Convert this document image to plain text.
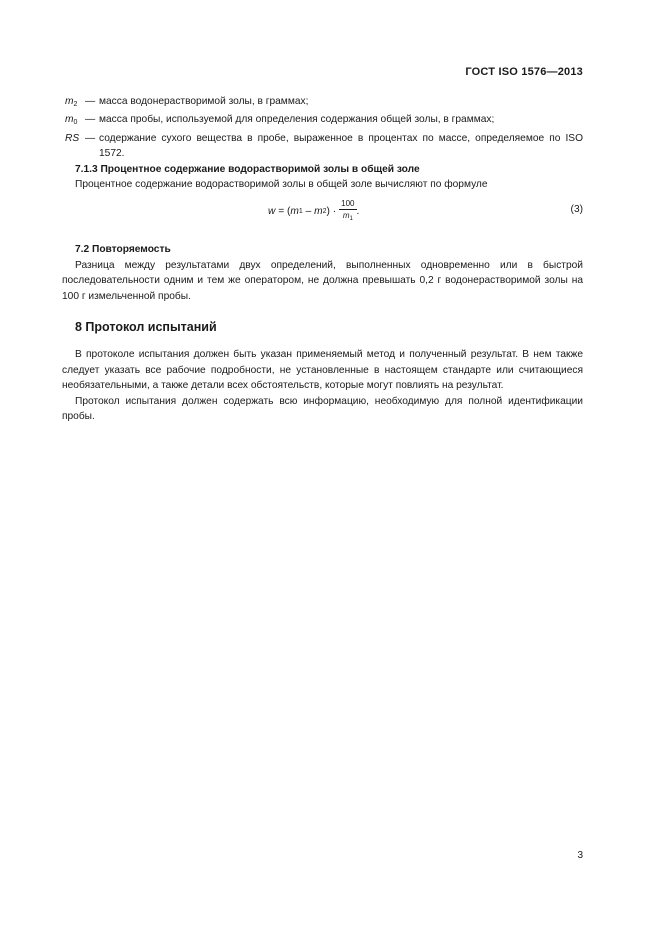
ГОСТ ISO 1576—2013
$m_2$ — масса водонерастворимой золы, в граммах;
$m_0$ — масса пробы, используемой для определения содержания общей золы, в граммах;
RS — содержание сухого вещества в пробе, выраженное в процентах по массе, определяемое по ISO 1572.
7.1.3 Процентное содержание водорастворимой золы в общей золе

Процентное содержание водорастворимой золы в общей золе вычисляют по формуле

w = ( m 1 – m 2 ) · $\frac{100}{m_1}$ .	(3)
7.2 Повторяемость

Разница между результатами двух определений, выполненных одновременно или в быстрой последовательности одним и тем же оператором, не должна превышать 0,2 г водонерастворимой золы на 100 г измельченной пробы.

8 Протокол испытаний

В протоколе испытания должен быть указан применяемый метод и полученный результат. В нем также следует указать все рабочие подробности, не установленные в настоящем стандарте или считающиеся необязательными, а также детали всех обстоятельств, которые могут повлиять на результат.

Протокол испытания должен содержать всю информацию, необходимую для полной идентификации пробы.

3
